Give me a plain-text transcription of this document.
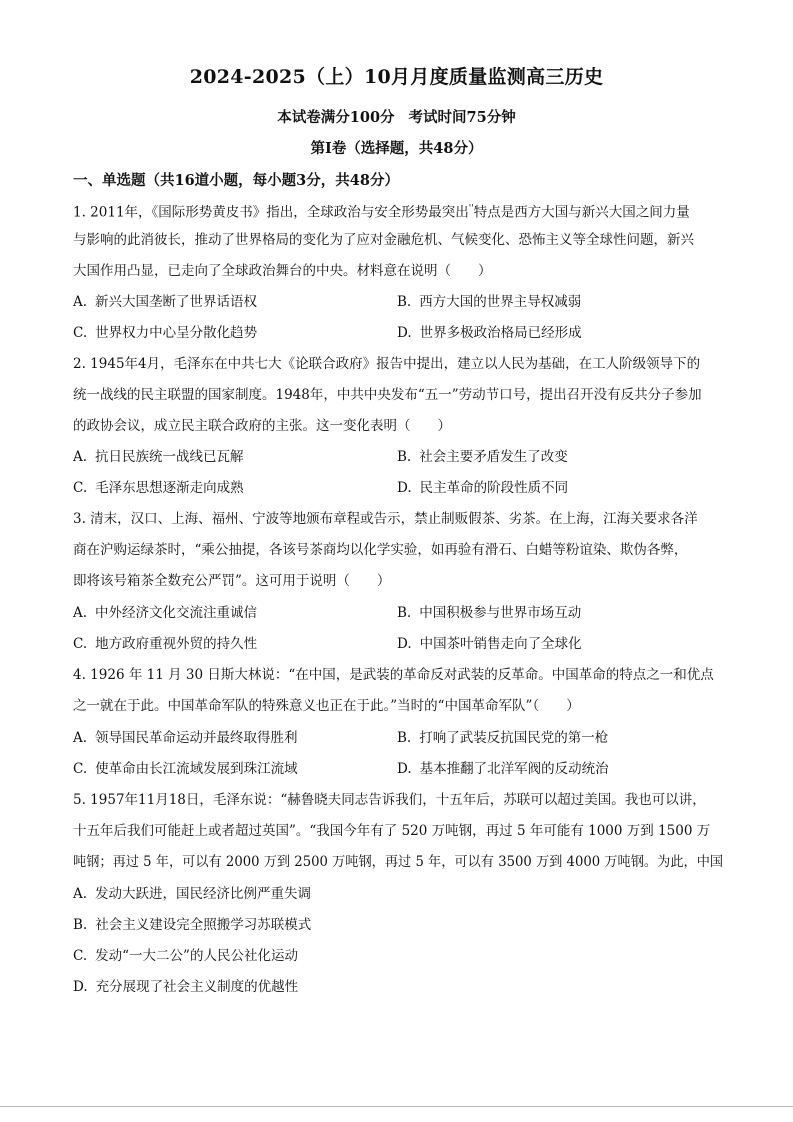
2024-2025（上）10月月度质量监测高三历史
本试卷满分100分 考试时间75分钟
第Ⅰ卷（选择题，共48分）
一、单选题（共16道小题，每小题3分，共48分）
1. 2011年，《国际形势黄皮书》指出，全球政治与安全形势最突出''特点是西方大国与新兴大国之间力量
与影响的此消彼长，推动了世界格局的变化为了应对金融危机、气候变化、恐怖主义等全球性问题，新兴
大国作用凸显，已走向了全球政治舞台的中央。材料意在说明（　　）
A. 新兴大国垄断了世界话语权	B. 西方大国的世界主导权减弱
C. 世界权力中心呈分散化趋势	D. 世界多极政治格局已经形成
2. 1945年4月，毛泽东在中共七大《论联合政府》报告中提出，建立以人民为基础，在工人阶级领导下的
统一战线的民主联盟的国家制度。1948年，中共中央发布“五一”劳动节口号，提出召开没有反共分子参加
的政协会议，成立民主联合政府的主张。这一变化表明（　　）
A. 抗日民族统一战线已瓦解	B. 社会主要矛盾发生了改变
C. 毛泽东思想逐渐走向成熟	D. 民主革命的阶段性质不同
3. 清末，汉口、上海、福州、宁波等地颁布章程或告示，禁止制贩假茶、劣茶。在上海，江海关要求各洋
商在沪购运绿茶时，“乘公抽提，各该号茶商均以化学实验，如再验有滑石、白蜡等粉谊染、欺伪各弊，
即将该号箱茶全数充公严罚”。这可用于说明（　　）
A. 中外经济文化交流注重诚信	B. 中国积极参与世界市场互动
C. 地方政府重视外贸的持久性	D. 中国茶叶销售走向了全球化
4. 1926 年 11 月 30 日斯大林说：“在中国，是武装的革命反对武装的反革命。中国革命的特点之一和优点
之一就在于此。中国革命军队的特殊意义也正在于此。”当时的“中国革命军队”（　　）
A. 领导国民革命运动并最终取得胜利	B. 打响了武装反抗国民党的第一枪
C. 使革命由长江流域发展到珠江流域	D. 基本推翻了北洋军阀的反动统治
5. 1957年11月18日，毛泽东说：“赫鲁晓夫同志告诉我们，十五年后，苏联可以超过美国。我也可以讲，
十五年后我们可能赶上或者超过英国”。“我国今年有了 520 万吨钢，再过 5 年可能有 1000 万到 1500 万
吨钢；再过 5 年，可以有 2000 万到 2500 万吨钢，再过 5 年，可以有 3500 万到 4000 万吨钢。为此，中国
A. 发动大跃进，国民经济比例严重失调
B. 社会主义建设完全照搬学习苏联模式
C. 发动“一大二公”的人民公社化运动
D. 充分展现了社会主义制度的优越性
